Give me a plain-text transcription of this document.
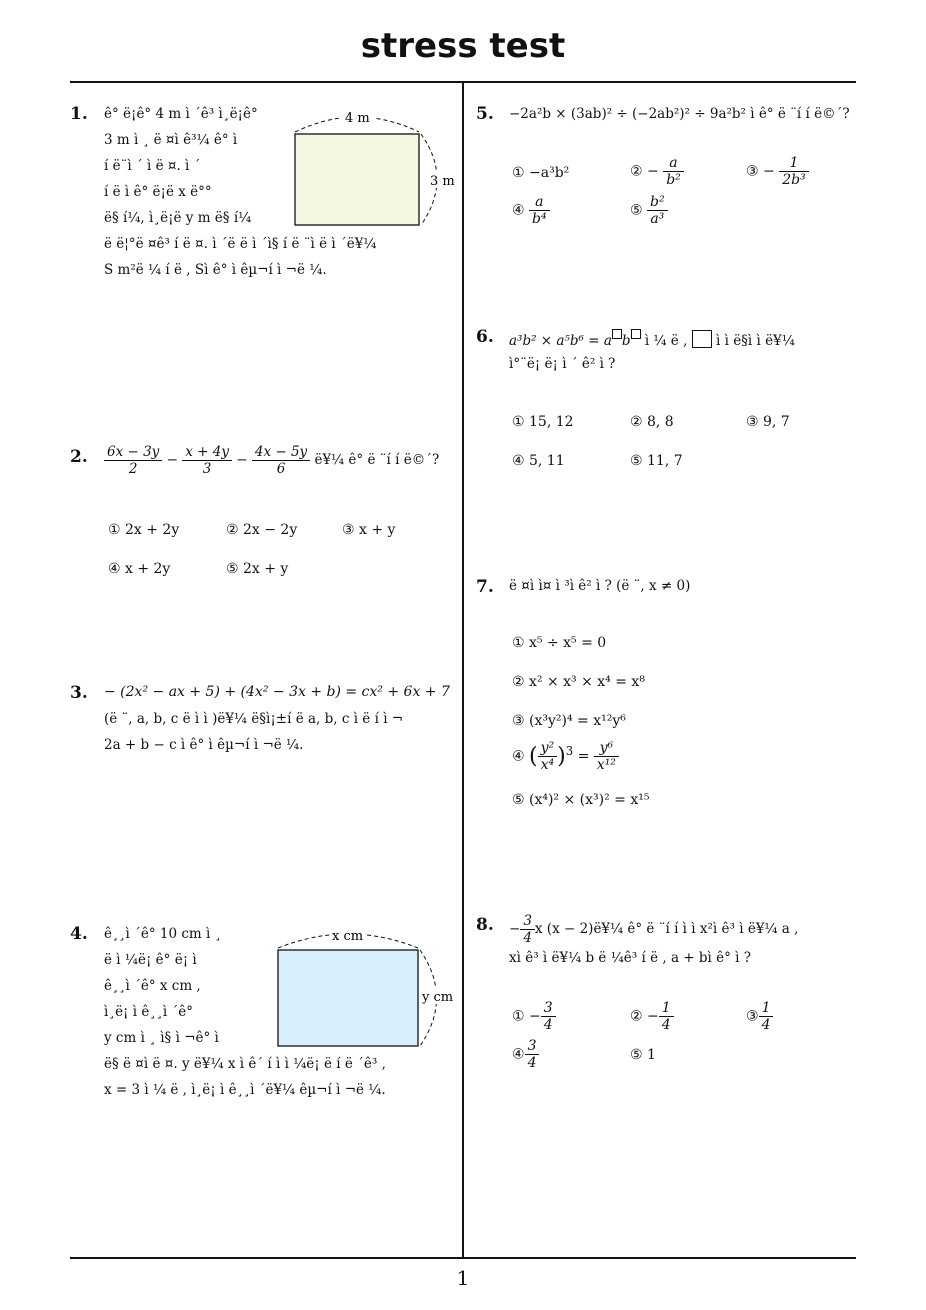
stress test
1
1. ê° ë¡ê° 4 m ì ´ê³ ì¸ë¡ê°
3 m ì ¸ ë ¤ì ê³¼ ê° ì
í ë¨ì ´ ì ë ¤. ì ´
í ë ì ê° ë¡ë x ë°°
ë§ í¼, ì¸ë¡ë y m ë§ í¼
ë ë¦°ë ¤ê³ í ë ¤. ì ´ë ë ì ´ì§ í ë ¨ì ë ì ´ë¥¼
S m²ë ¼ í ë , Sì ê° ì êµ¬í ì ¬ë ¼.
4 m
3 m
2. $\frac{6x - 3y}{2} - \frac{x + 4y}{3} - \frac{4x - 5y}{6}$ ë¥¼ ê° ë ¨í í ë©´?
① 2x + 2y	② 2x − 2y	③ x + y
④ x + 2y	⑤ 2x + y
3. − (2x² − ax + 5) + (4x² − 3x + b) = cx² + 6x + 7
(ë ¨, a, b, c ë ì ì )ë¥¼ ë§ì¡±í ë a, b, c ì ë í ì ¬
2a + b − c ì ê° ì êµ¬í ì ¬ë ¼.
4. ê¸¸ì ´ê° 10 cm ì ¸
ë ì ¼ë¡ ê° ë¡ ì
ê¸¸ì ´ê° x cm ,
ì¸ë¡ ì ê¸¸ì ´ê°
y cm ì ¸ ì§ ì ¬ê° ì
ë§ ë ¤ì ë ¤. y ë¥¼ x ì ê´ í ì ì ¼ë¡ ë í ë ´ê³ ,
x = 3 ì ¼ ë , ì¸ë¡ ì ê¸¸ì ´ë¥¼ êµ¬í ì ¬ë ¼.
x cm
y cm
5. −2a²b × (3ab)² ÷ (−2ab²)² ÷ 9a²b² ì ê° ë ¨í í ë©´?
① −a³b²	② − $\frac{a}{\text{b²}}$	③ − $\frac{1}{\text{2b³}}$
④ $\frac{a}{\text{b⁴}}$	⑤ $\frac{\text{b²}}{\text{a³}}$
6. a³b² × a⁵b⁶ = a b ì ¼ ë ,  ì ì ë§ì ì ë¥¼
ì°¨ë¡ ë¡ ì ´ ê² ì ?
① 15, 12	② 8, 8	③ 9, 7
④ 5, 11	⑤ 11, 7
7. ë ¤ì ì¤ ì ³ì ê² ì ? (ë ¨, x ≠ 0)
① x⁵ ÷ x⁵ = 0
② x² × x³ × x⁴ = x⁸
③ (x³y²)⁴ = x¹²y⁶
④ ( $\frac{\text{y²}}{\text{x⁴}} )^3 = \frac{\text{y⁶}}{\text{x¹²}}$
⑤ (x⁴)² × (x³)² = x¹⁵
8. − $\frac{3}{4}$ x (x − 2)ë¥¼ ê° ë ¨í í ì ì x²ì ê³ ì ë¥¼ a ,
xì ê³ ì ë¥¼ b ë ¼ê³ í ë , a + bì ê° ì ?
① − $\frac{3}{4}$	② − $\frac{1}{4}$	③ $\frac{1}{4}$
④ $\frac{3}{4}$	⑤ 1
